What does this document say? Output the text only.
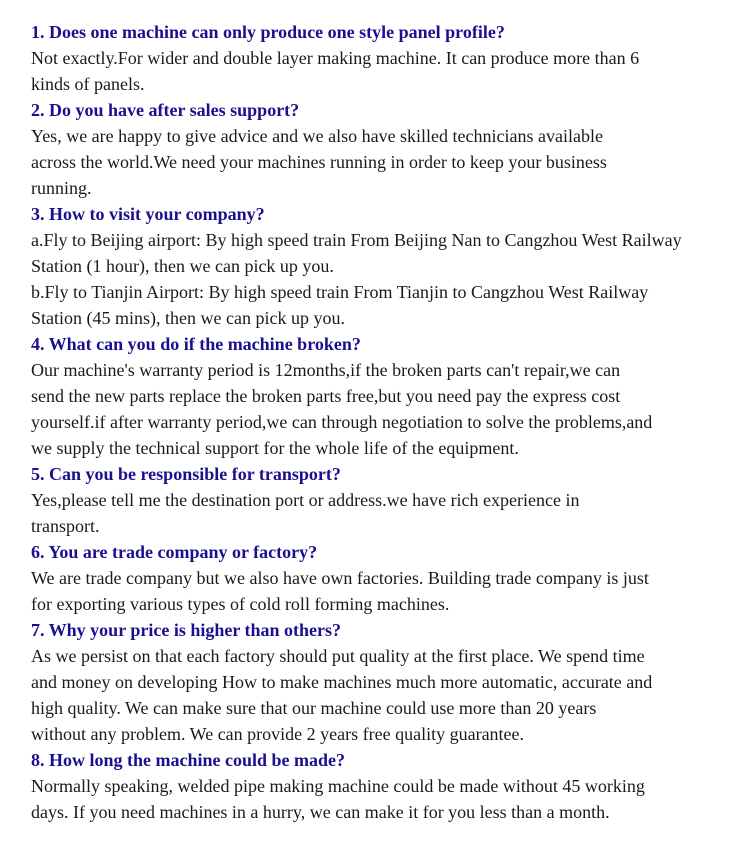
1. Does one machine can only produce one style panel profile?

Not exactly.For wider and double layer making machine. It can produce more than 6
kinds of panels.

2. Do you have after sales support?

Yes, we are happy to give advice and we also have skilled technicians available
across the world.We need your machines running in order to keep your business
running.

3. How to visit your company?

a.Fly to Beijing airport: By high speed train From Beijing Nan to Cangzhou West Railway
Station (1 hour), then we can pick up you.
b.Fly to Tianjin Airport: By high speed train From Tianjin to Cangzhou West Railway
Station (45 mins), then we can pick up you.

4. What can you do if the machine broken?

Our machine's warranty period is 12months,if the broken parts can't repair,we can
send the new parts replace the broken parts free,but you need pay the express cost
yourself.if after warranty period,we can through negotiation to solve the problems,and
we supply the technical support for the whole life of the equipment.

5. Can you be responsible for transport?

Yes,please tell me the destination port or address.we have rich experience in
transport.

6. You are trade company or factory?

We are trade company but we also have own factories. Building trade company is just
for exporting various types of cold roll forming machines.

7. Why your price is higher than others?

As we persist on that each factory should put quality at the first place. We spend time
and money on developing How to make machines much more automatic, accurate and
high quality. We can make sure that our machine could use more than 20 years
without any problem. We can provide 2 years free quality guarantee.

8. How long the machine could be made?

Normally speaking, welded pipe making machine could be made without 45 working
days. If you need machines in a hurry, we can make it for you less than a month.
